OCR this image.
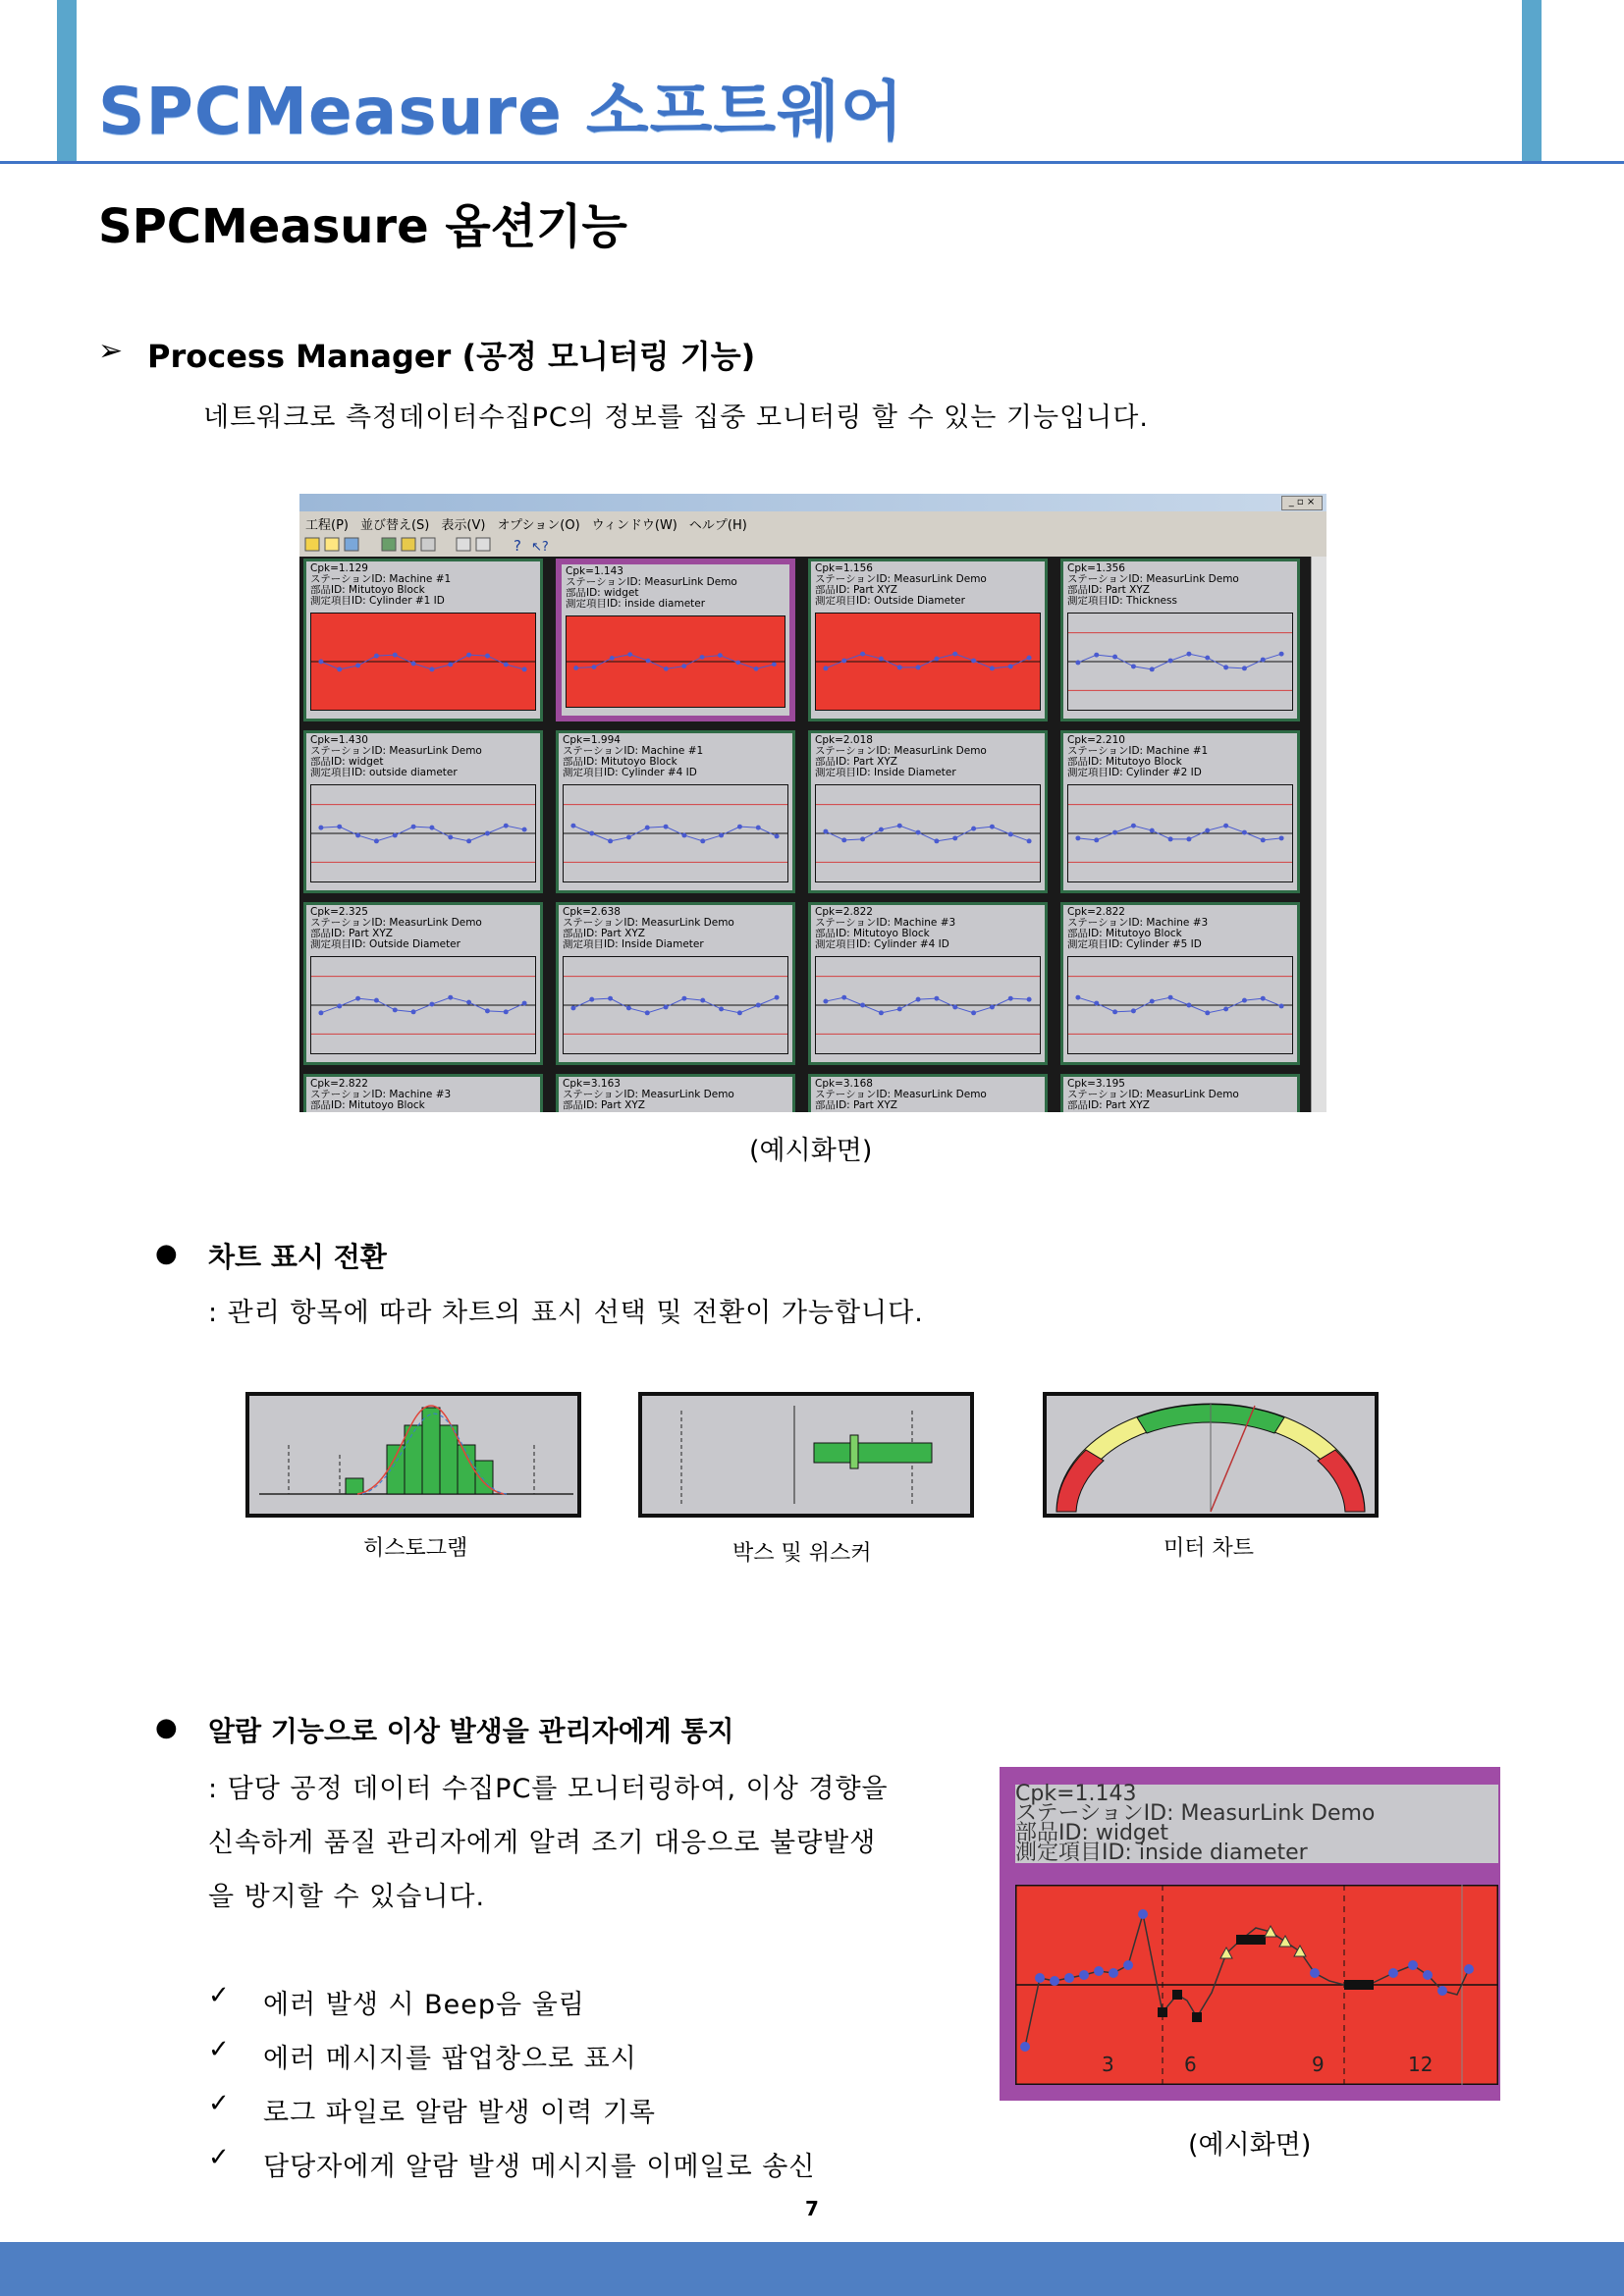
SPCMeasure 소프트웨어
SPCMeasure 옵션기능
➢ Process Manager (공정 모니터링 기능)
네트워크로 측정데이터수집PC의 정보를 집중 모니터링 할 수 있는 기능입니다.
_ ▫ ×
工程(P) 並び替え(S) 表示(V) オプション(O) ウィンドウ(W) ヘルプ(H)
? ↖?
Cpk=1.129
ステーションID: Machine #1
部品ID: Mitutoyo Block
測定項目ID: Cylinder #1 ID
Cpk=1.143
ステーションID: MeasurLink Demo
部品ID: widget
測定項目ID: inside diameter
Cpk=1.156
ステーションID: MeasurLink Demo
部品ID: Part XYZ
測定項目ID: Outside Diameter
Cpk=1.356
ステーションID: MeasurLink Demo
部品ID: Part XYZ
測定項目ID: Thickness
Cpk=1.430
ステーションID: MeasurLink Demo
部品ID: widget
測定項目ID: outside diameter
Cpk=1.994
ステーションID: Machine #1
部品ID: Mitutoyo Block
測定項目ID: Cylinder #4 ID
Cpk=2.018
ステーションID: MeasurLink Demo
部品ID: Part XYZ
測定項目ID: Inside Diameter
Cpk=2.210
ステーションID: Machine #1
部品ID: Mitutoyo Block
測定項目ID: Cylinder #2 ID
Cpk=2.325
ステーションID: MeasurLink Demo
部品ID: Part XYZ
測定項目ID: Outside Diameter
Cpk=2.638
ステーションID: MeasurLink Demo
部品ID: Part XYZ
測定項目ID: Inside Diameter
Cpk=2.822
ステーションID: Machine #3
部品ID: Mitutoyo Block
測定項目ID: Cylinder #4 ID
Cpk=2.822
ステーションID: Machine #3
部品ID: Mitutoyo Block
測定項目ID: Cylinder #5 ID
Cpk=2.822
ステーションID: Machine #3
部品ID: Mitutoyo Block
Cpk=3.163
ステーションID: MeasurLink Demo
部品ID: Part XYZ
Cpk=3.168
ステーションID: MeasurLink Demo
部品ID: Part XYZ
Cpk=3.195
ステーションID: MeasurLink Demo
部品ID: Part XYZ
(예시화면)
● 차트 표시 전환
: 관리 항목에 따라 차트의 표시 선택 및 전환이 가능합니다.
히스토그램	박스 및 위스커	미터 차트
● 알람 기능으로 이상 발생을 관리자에게 통지
: 담당 공정 데이터 수집PC를 모니터링하여, 이상 경향을
신속하게 품질 관리자에게 알려 조기 대응으로 불량발생
을 방지할 수 있습니다.
✓ 에러 발생 시 Beep음 울림
✓ 에러 메시지를 팝업창으로 표시
✓ 로그 파일로 알람 발생 이력 기록
✓ 담당자에게 알람 발생 메시지를 이메일로 송신
Cpk=1.143
ステーションID: MeasurLink Demo
部品ID: widget
測定項目ID: inside diameter
3	6	9	12
(예시화면)
7
